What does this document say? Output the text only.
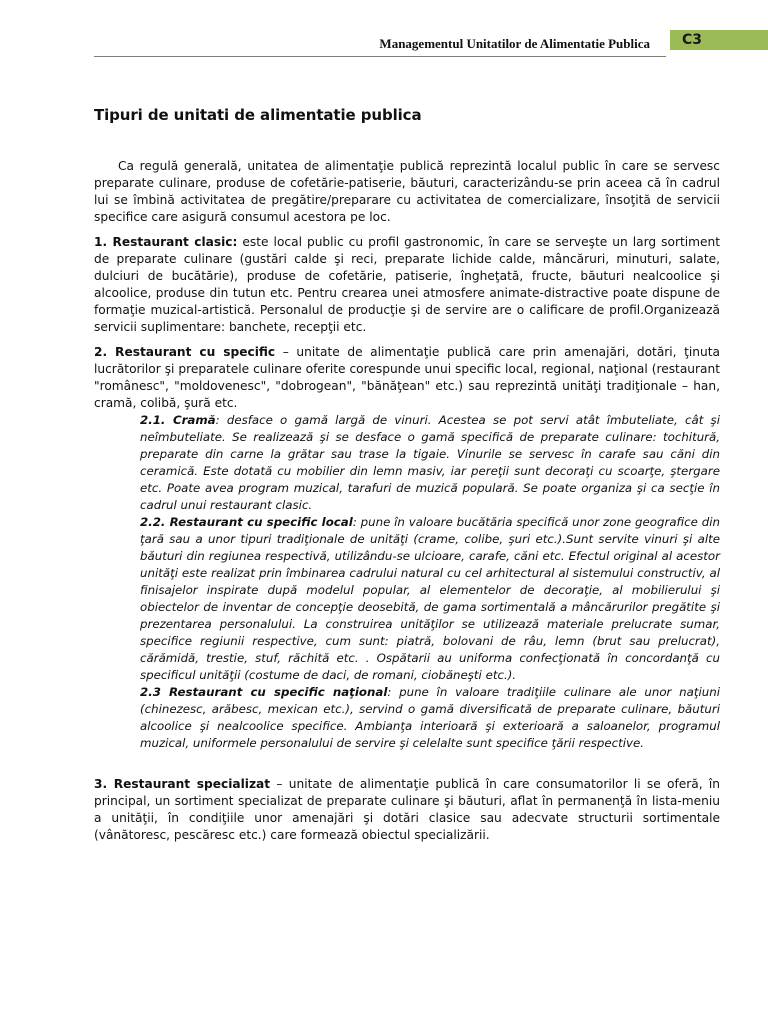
Managementul Unitatilor de Alimentatie Publica	C3
Tipuri de unitati de alimentatie publica

Ca regulă generală, unitatea de alimentaţie publică reprezintă localul public în care se servesc preparate culinare, produse de cofetărie-patiserie, băuturi, caracterizându-se prin aceea că în cadrul lui se îmbină activitatea de pregătire/preparare cu activitatea de comercializare, însoţită de servicii specifice care asigură consumul acestora pe loc.

1. Restaurant clasic: este local public cu profil gastronomic, în care se serveşte un larg sortiment de preparate culinare (gustări calde şi reci, preparate lichide calde, mâncăruri, minuturi, salate, dulciuri de bucătărie), produse de cofetărie, patiserie, îngheţată, fructe, băuturi nealcoolice şi alcoolice, produse din tutun etc. Pentru crearea unei atmosfere animate-distractive poate dispune de formaţie muzical-artistică. Personalul de producţie şi de servire are o calificare de profil.Organizează servicii suplimentare: banchete, recepţii etc.

2. Restaurant cu specific – unitate de alimentaţie publică care prin amenajări, dotări, ţinuta lucrătorilor şi preparatele culinare oferite corespunde unui specific local, regional, naţional (restaurant "românesc", "moldovenesc", "dobrogean", "bănăţean" etc.) sau reprezintă unităţi tradiţionale – han, cramă, colibă, şură etc.

2.1. Cramă: desface o gamă largă de vinuri. Acestea se pot servi atât îmbuteliate, cât şi neîmbuteliate. Se realizează şi se desface o gamă specifică de preparate culinare: tochitură, preparate din carne la grătar sau trase la tigaie. Vinurile se servesc în carafe sau căni din ceramică. Este dotată cu mobilier din lemn masiv, iar pereţii sunt decoraţi cu scoarţe, ştergare etc. Poate avea program muzical, tarafuri de muzică populară. Se poate organiza şi ca secţie în cadrul unui restaurant clasic.
2.2. Restaurant cu specific local: pune în valoare bucătăria specifică unor zone geografice din ţară sau a unor tipuri tradiţionale de unităţi (crame, colibe, şuri etc.).Sunt servite vinuri şi alte băuturi din regiunea respectivă, utilizându-se ulcioare, carafe, căni etc. Efectul original al acestor unităţi este realizat prin îmbinarea cadrului natural cu cel arhitectural al sistemului constructiv, al finisajelor inspirate după modelul popular, al elementelor de decoraţie, al mobilierului şi obiectelor de inventar de concepţie deosebită, de gama sortimentală a mâncărurilor pregătite şi prezentarea personalului. La construirea unităţilor se utilizează materiale prelucrate sumar, specifice regiunii respective, cum sunt: piatră, bolovani de râu, lemn (brut sau prelucrat), cărămidă, trestie, stuf, răchită etc. . Ospătarii au uniforma confecţionată în concordanţă cu specificul unităţii (costume de daci, de romani, ciobăneşti etc.).
2.3 Restaurant cu specific naţional: pune în valoare tradiţiile culinare ale unor naţiuni (chinezesc, arăbesc, mexican etc.), servind o gamă diversificată de preparate culinare, băuturi alcoolice şi nealcoolice specifice. Ambianţa interioară şi exterioară a saloanelor, programul muzical, uniformele personalului de servire şi celelalte sunt specifice ţării respective.

3. Restaurant specializat – unitate de alimentaţie publică în care consumatorilor li se oferă, în principal, un sortiment specializat de preparate culinare şi băuturi, aflat în permanenţă în lista-meniu a unităţii, în condiţiile unor amenajări şi dotări clasice sau adecvate structurii sortimentale (vânătoresc, pescăresc etc.) care formează obiectul specializării.
